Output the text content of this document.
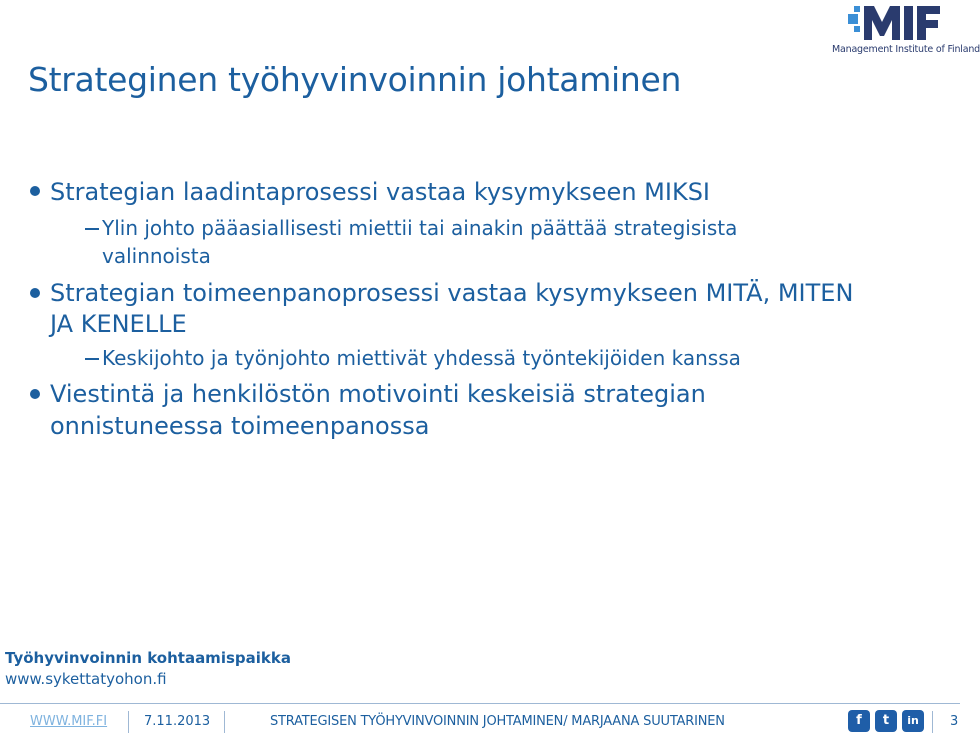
Management Institute of Finland
Strateginen työhyvinvoinnin johtaminen
Strategian laadintaprosessi vastaa kysymykseen MIKSI
Ylin johto pääasiallisesti miettii tai ainakin päättää strategisista
valinnoista
Strategian toimeenpanoprosessi vastaa kysymykseen MITÄ, MITEN
JA KENELLE
Keskijohto ja työnjohto miettivät yhdessä työntekijöiden kanssa
Viestintä ja henkilöstön motivointi keskeisiä strategian
onnistuneessa toimeenpanossa
Työhyvinvoinnin kohtaamispaikka
www.sykettatyohon.fi
WWW.MIF.FI	7.11.2013	STRATEGISEN TYÖHYVINVOINNIN JOHTAMINEN/ MARJAANA SUUTARINEN	f	t	in	3
